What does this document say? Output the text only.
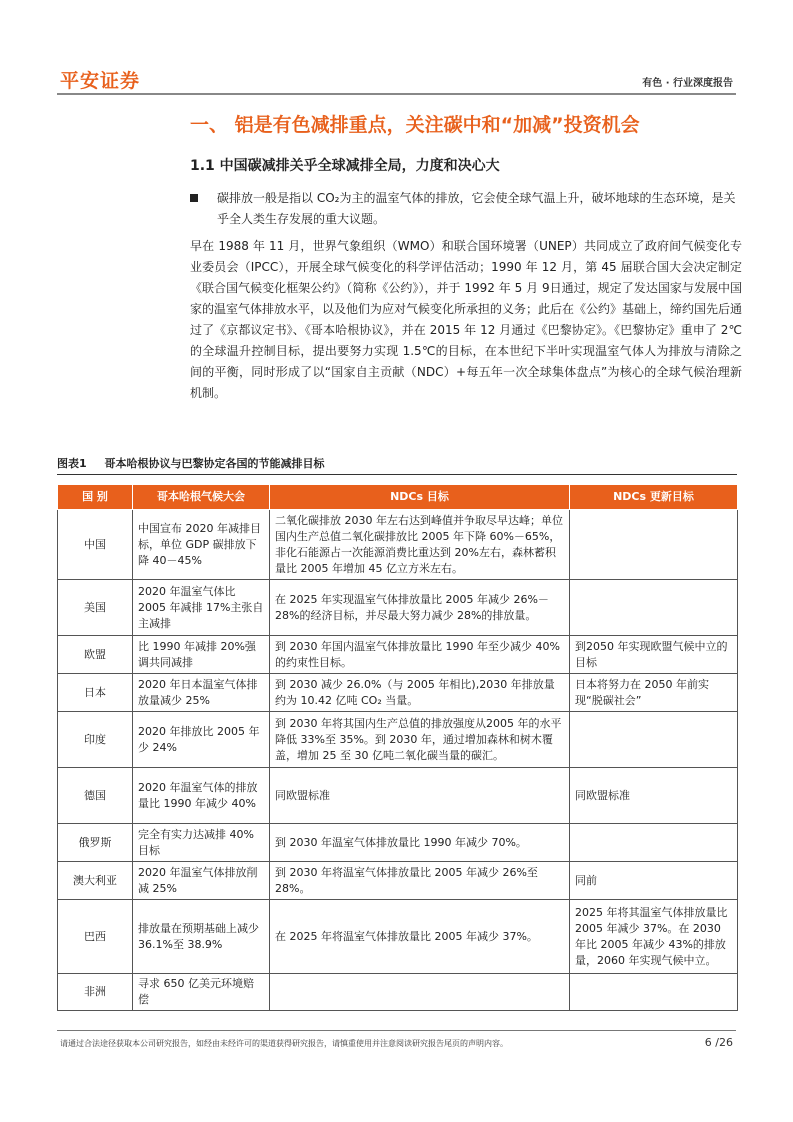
平安证券	有色 · 行业深度报告
一、 铝是有色减排重点，关注碳中和“加减”投资机会
1.1 中国碳减排关乎全球减排全局，力度和决心大
碳排放一般是指以 CO₂为主的温室气体的排放，它会使全球气温上升，破坏地球的生态环境，是关乎全人类生存发展的重大议题。
早在 1988 年 11 月，世界气象组织（WMO）和联合国环境署（UNEP）共同成立了政府间气候变化专业委员会（IPCC），开展全球气候变化的科学评估活动；1990 年 12 月，第 45 届联合国大会决定制定《联合国气候变化框架公约》（简称《公约》），并于 1992 年 5 月 9日通过，规定了发达国家与发展中国家的温室气体排放水平，以及他们为应对气候变化所承担的义务；此后在《公约》基础上，缔约国先后通过了《京都议定书》、《哥本哈根协议》，并在 2015 年 12 月通过《巴黎协定》。《巴黎协定》重申了 2℃的全球温升控制目标，提出要努力实现 1.5℃的目标，在本世纪下半叶实现温室气体人为排放与清除之间的平衡，同时形成了以“国家自主贡献（NDC）+每五年一次全球集体盘点”为核心的全球气候治理新机制。
图表1 哥本哈根协议与巴黎协定各国的节能减排目标
国 别	哥本哈根气候大会	NDCs 目标	NDCs 更新目标
中国	中国宣布 2020 年减排目标，单位 GDP 碳排放下降 40－45%	二氧化碳排放 2030 年左右达到峰值并争取尽早达峰；单位国内生产总值二氧化碳排放比 2005 年下降 60%－65%，非化石能源占一次能源消费比重达到 20%左右，森林蓄积量比 2005 年增加 45 亿立方米左右。	
美国	2020 年温室气体比 2005 年减排 17%主张自主减排	在 2025 年实现温室气体排放量比 2005 年减少 26%－28%的经济目标，并尽最大努力减少 28%的排放量。	
欧盟	比 1990 年减排 20%强调共同减排	到 2030 年国内温室气体排放量比 1990 年至少减少 40%的约束性目标。	到2050 年实现欧盟气候中立的目标
日本	2020 年日本温室气体排放量减少 25%	到 2030 减少 26.0%（与 2005 年相比),2030 年排放量约为 10.42 亿吨 CO₂ 当量。	日本将努力在 2050 年前实现“脱碳社会”
印度	2020 年排放比 2005 年少 24%	到 2030 年将其国内生产总值的排放强度从2005 年的水平降低 33%至 35%。到 2030 年，通过增加森林和树木覆盖，增加 25 至 30 亿吨二氧化碳当量的碳汇。	
德国	2020 年温室气体的排放量比 1990 年减少 40%	同欧盟标准	同欧盟标准
俄罗斯	完全有实力达减排 40%目标	到 2030 年温室气体排放量比 1990 年减少 70%。	
澳大利亚	2020 年温室气体排放削减 25%	到 2030 年将温室气体排放量比 2005 年减少 26%至 28%。	同前
巴西	排放量在预期基础上减少 36.1%至 38.9%	在 2025 年将温室气体排放量比 2005 年减少 37%。	2025 年将其温室气体排放量比2005 年减少 37%。在 2030 年比 2005 年减少 43%的排放量，2060 年实现气候中立。
非洲	寻求 650 亿美元环境赔偿		
请通过合法途径获取本公司研究报告，如经由未经许可的渠道获得研究报告，请慎重使用并注意阅读研究报告尾页的声明内容。	6 /26
